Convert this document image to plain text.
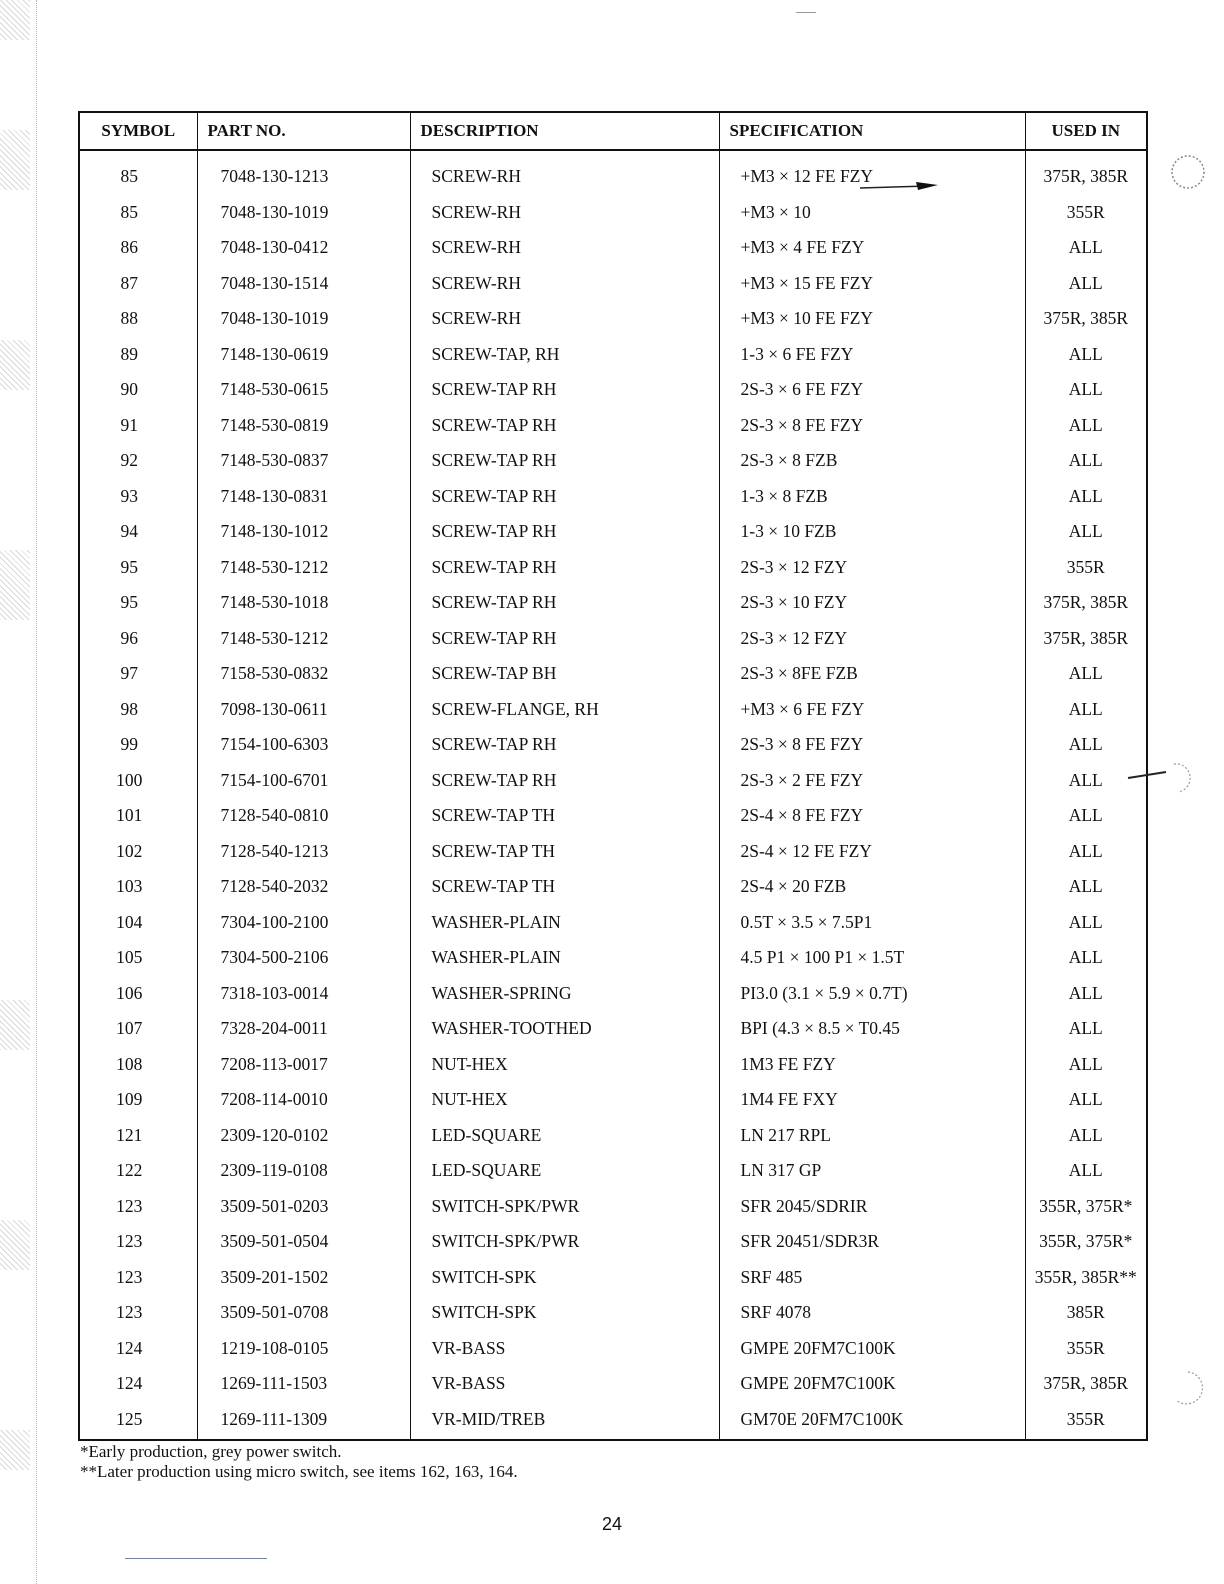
SYMBOL	PART NO.	DESCRIPTION	SPECIFICATION	USED IN
85	7048-130-1213	SCREW-RH	+M3 × 12 FE FZY	375R, 385R
85	7048-130-1019	SCREW-RH	+M3 × 10	355R
86	7048-130-0412	SCREW-RH	+M3 × 4 FE FZY	ALL
87	7048-130-1514	SCREW-RH	+M3 × 15 FE FZY	ALL
88	7048-130-1019	SCREW-RH	+M3 × 10 FE FZY	375R, 385R
89	7148-130-0619	SCREW-TAP, RH	1-3 × 6 FE FZY	ALL
90	7148-530-0615	SCREW-TAP RH	2S-3 × 6 FE FZY	ALL
91	7148-530-0819	SCREW-TAP RH	2S-3 × 8 FE FZY	ALL
92	7148-530-0837	SCREW-TAP RH	2S-3 × 8 FZB	ALL
93	7148-130-0831	SCREW-TAP RH	1-3 × 8 FZB	ALL
94	7148-130-1012	SCREW-TAP RH	1-3 × 10 FZB	ALL
95	7148-530-1212	SCREW-TAP RH	2S-3 × 12 FZY	355R
95	7148-530-1018	SCREW-TAP RH	2S-3 × 10 FZY	375R, 385R
96	7148-530-1212	SCREW-TAP RH	2S-3 × 12 FZY	375R, 385R
97	7158-530-0832	SCREW-TAP BH	2S-3 × 8FE FZB	ALL
98	7098-130-0611	SCREW-FLANGE, RH	+M3 × 6 FE FZY	ALL
99	7154-100-6303	SCREW-TAP RH	2S-3 × 8 FE FZY	ALL
100	7154-100-6701	SCREW-TAP RH	2S-3 × 2 FE FZY	ALL
101	7128-540-0810	SCREW-TAP TH	2S-4 × 8 FE FZY	ALL
102	7128-540-1213	SCREW-TAP TH	2S-4 × 12 FE FZY	ALL
103	7128-540-2032	SCREW-TAP TH	2S-4 × 20 FZB	ALL
104	7304-100-2100	WASHER-PLAIN	0.5T × 3.5 × 7.5P1	ALL
105	7304-500-2106	WASHER-PLAIN	4.5 P1 × 100 P1 × 1.5T	ALL
106	7318-103-0014	WASHER-SPRING	PI3.0 (3.1 × 5.9 × 0.7T)	ALL
107	7328-204-0011	WASHER-TOOTHED	BPI (4.3 × 8.5 × T0.45	ALL
108	7208-113-0017	NUT-HEX	1M3 FE FZY	ALL
109	7208-114-0010	NUT-HEX	1M4 FE FXY	ALL
121	2309-120-0102	LED-SQUARE	LN 217 RPL	ALL
122	2309-119-0108	LED-SQUARE	LN 317 GP	ALL
123	3509-501-0203	SWITCH-SPK/PWR	SFR 2045/SDRIR	355R, 375R*
123	3509-501-0504	SWITCH-SPK/PWR	SFR 20451/SDR3R	355R, 375R*
123	3509-201-1502	SWITCH-SPK	SRF 485	355R, 385R**
123	3509-501-0708	SWITCH-SPK	SRF 4078	385R
124	1219-108-0105	VR-BASS	GMPE 20FM7C100K	355R
124	1269-111-1503	VR-BASS	GMPE 20FM7C100K	375R, 385R
125	1269-111-1309	VR-MID/TREB	GM70E 20FM7C100K	355R
*Early production, grey power switch.
**Later production using micro switch, see items 162, 163, 164.
24
